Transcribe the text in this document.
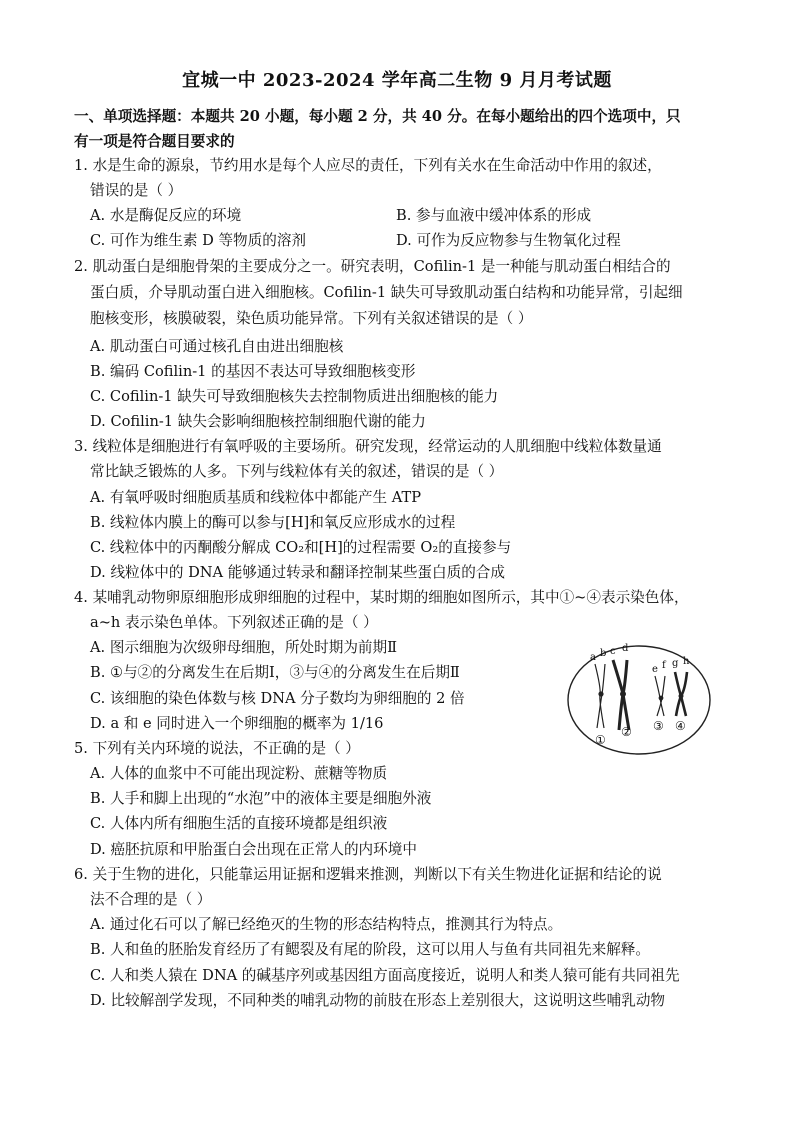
宜城一中 2023-2024 学年高二生物 9 月月考试题
一、单项选择题：本题共 20 小题，每小题 2 分，共 40 分。在每小题给出的四个选项中，只
有一项是符合题目要求的
1. 水是生命的源泉，节约用水是每个人应尽的责任，下列有关水在生命活动中作用的叙述，
错误的是（ ）
A. 水是酶促反应的环境	B. 参与血液中缓冲体系的形成
C. 可作为维生素 D 等物质的溶剂	D. 可作为反应物参与生物氧化过程
2. 肌动蛋白是细胞骨架的主要成分之一。研究表明，Cofilin-1 是一种能与肌动蛋白相结合的
蛋白质，介导肌动蛋白进入细胞核。Cofilin-1 缺失可导致肌动蛋白结构和功能异常，引起细
胞核变形，核膜破裂，染色质功能异常。下列有关叙述错误的是（ ）
A. 肌动蛋白可通过核孔自由进出细胞核
B. 编码 Cofilin-1 的基因不表达可导致细胞核变形
C. Cofilin-1 缺失可导致细胞核失去控制物质进出细胞核的能力
D. Cofilin-1 缺失会影响细胞核控制细胞代谢的能力
3. 线粒体是细胞进行有氧呼吸的主要场所。研究发现，经常运动的人肌细胞中线粒体数量通
常比缺乏锻炼的人多。下列与线粒体有关的叙述，错误的是（ ）
A. 有氧呼吸时细胞质基质和线粒体中都能产生 ATP
B. 线粒体内膜上的酶可以参与[H]和氧反应形成水的过程
C. 线粒体中的丙酮酸分解成 CO₂和[H]的过程需要 O₂的直接参与
D. 线粒体中的 DNA 能够通过转录和翻译控制某些蛋白质的合成
4. 某哺乳动物卵原细胞形成卵细胞的过程中，某时期的细胞如图所示，其中①~④表示染色体，
a~h 表示染色单体。下列叙述正确的是（ ）
A. 图示细胞为次级卵母细胞，所处时期为前期Ⅱ
B. ①与②的分离发生在后期Ⅰ，③与④的分离发生在后期Ⅱ
C. 该细胞的染色体数与核 DNA 分子数均为卵细胞的 2 倍
D. a 和 e 同时进入一个卵细胞的概率为 1/16
a b c d
e f g h
①
② ③ ④
5. 下列有关内环境的说法，不正确的是（ ）
A. 人体的血浆中不可能出现淀粉、蔗糖等物质
B. 人手和脚上出现的“水泡”中的液体主要是细胞外液
C. 人体内所有细胞生活的直接环境都是组织液
D. 癌胚抗原和甲胎蛋白会出现在正常人的内环境中
6. 关于生物的进化，只能靠运用证据和逻辑来推测，判断以下有关生物进化证据和结论的说
法不合理的是（ ）
A. 通过化石可以了解已经绝灭的生物的形态结构特点，推测其行为特点。
B. 人和鱼的胚胎发育经历了有鳃裂及有尾的阶段，这可以用人与鱼有共同祖先来解释。
C. 人和类人猿在 DNA 的碱基序列或基因组方面高度接近，说明人和类人猿可能有共同祖先
D. 比较解剖学发现，不同种类的哺乳动物的前肢在形态上差别很大，这说明这些哺乳动物
